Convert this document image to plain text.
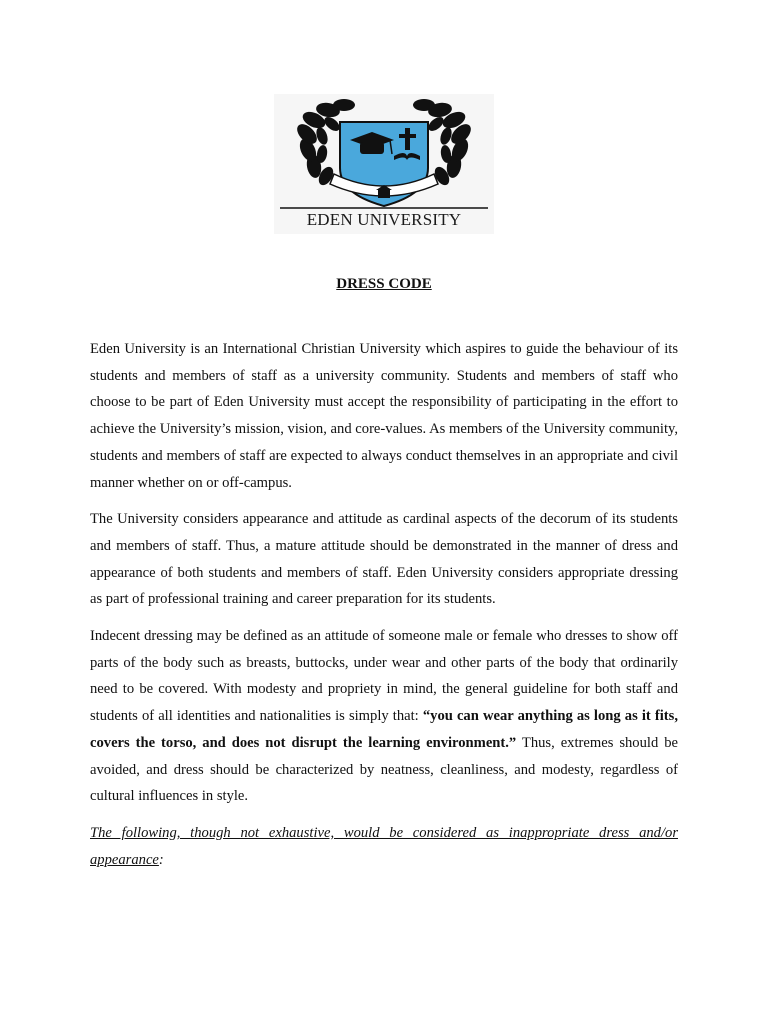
EDEN UNIVERSITY
DRESS CODE

Eden University is an International Christian University which aspires to guide the behaviour of its students and members of staff as a university community. Students and members of staff who choose to be part of Eden University must accept the responsibility of participating in the effort to achieve the University’s mission, vision, and core-values. As members of the University community, students and members of staff are expected to always conduct themselves in an appropriate and civil manner whether on or off-campus.

The University considers appearance and attitude as cardinal aspects of the decorum of its students and members of staff. Thus, a mature attitude should be demonstrated in the manner of dress and appearance of both students and members of staff. Eden University considers appropriate dressing as part of professional training and career preparation for its students.

Indecent dressing may be defined as an attitude of someone male or female who dresses to show off parts of the body such as breasts, buttocks, under wear and other parts of the body that ordinarily need to be covered. With modesty and propriety in mind, the general guideline for both staff and students of all identities and nationalities is simply that: “you can wear anything as long as it fits, covers the torso, and does not disrupt the learning environment.” Thus, extremes should be avoided, and dress should be characterized by neatness, cleanliness, and modesty, regardless of cultural influences in style.

The following, though not exhaustive, would be considered as inappropriate dress and/or appearance:
